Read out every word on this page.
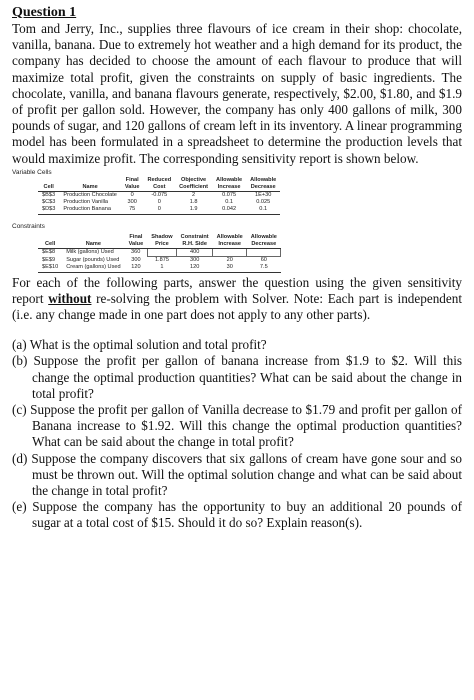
Question 1

Tom and Jerry, Inc., supplies three flavours of ice cream in their shop: chocolate, vanilla, banana. Due to extremely hot weather and a high demand for its product, the company has decided to choose the amount of each flavour to produce that will maximize total profit, given the constraints on supply of basic ingredients. The chocolate, vanilla, and banana flavours generate, respectively, $2.00, $1.80, and $1.9 of profit per gallon sold. However, the company has only 400 gallons of milk, 300 pounds of sugar, and 120 gallons of cream left in its inventory. A linear programming model has been formulated in a spreadsheet to determine the production levels that would maximize profit. The corresponding sensitivity report is shown below.

Variable Cells
		Final	Reduced	Objective	Allowable	Allowable
Cell	Name	Value	Cost	Coefficient	Increase	Decrease
$B$3	Production Chocolate	0	-0.075	2	0.075	1E+30
$C$3	Production Vanilla	300	0	1.8	0.1	0.025
$D$3	Production Banana	75	0	1.9	0.042	0.1
Constraints
		Final	Shadow	Constraint	Allowable	Allowable
Cell	Name	Value	Price	R.H. Side	Increase	Decrease
$E$8	Milk (gallons) Used	360		400		
$E$9	Sugar (pounds) Used	300	1.875	300	20	60
$E$10	Cream (gallons) Used	120	1	120	30	7.5

For each of the following parts, answer the question using the given sensitivity report without re-solving the problem with Solver. Note: Each part is independent (i.e. any change made in one part does not apply to any other parts).

(a) What is the optimal solution and total profit?
(b) Suppose the profit per gallon of banana increase from $1.9 to $2. Will this change the optimal production quantities? What can be said about the change in total profit?
(c) Suppose the profit per gallon of Vanilla decrease to $1.79 and profit per gallon of Banana increase to $1.92. Will this change the optimal production quantities? What can be said about the change in total profit?
(d) Suppose the company discovers that six gallons of cream have gone sour and so must be thrown out. Will the optimal solution change and what can be said about the change in total profit?
(e) Suppose the company has the opportunity to buy an additional 20 pounds of sugar at a total cost of $15. Should it do so? Explain reason(s).
